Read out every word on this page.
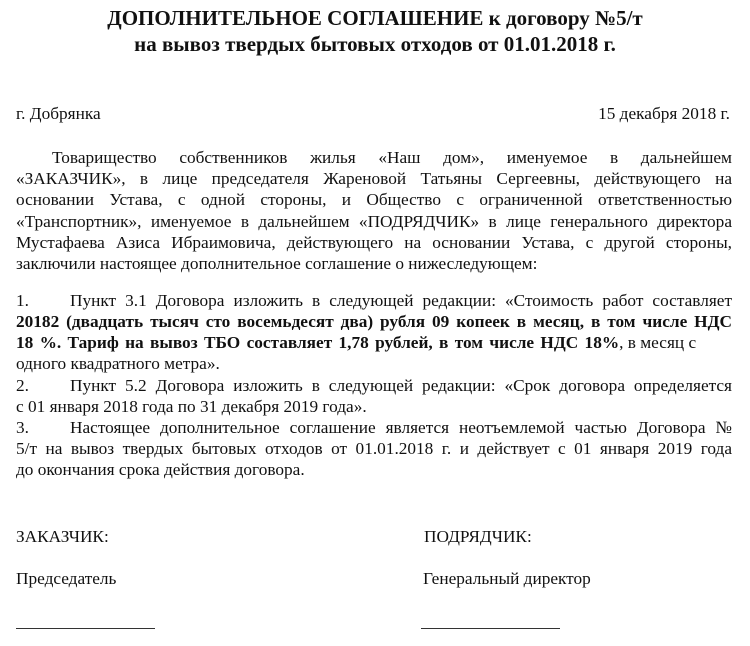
ДОПОЛНИТЕЛЬНОЕ СОГЛАШЕНИЕ к договору №5/т
на вывоз твердых бытовых отходов от 01.01.2018 г.
г. Добрянка	15 декабря 2018 г.
Товарищество собственников жилья «Наш дом», именуемое в дальнейшем
«ЗАКАЗЧИК», в лице председателя Жареновой Татьяны Сергеевны, действующего на
основании Устава, с одной стороны, и Общество с ограниченной ответственностью
«Транспортник», именуемое в дальнейшем «ПОДРЯДЧИК» в лице генерального директора
Мустафаева Азиса Ибраимовича, действующего на основании Устава, с другой стороны,
заключили настоящее дополнительное соглашение о нижеследующем:
1. Пункт 3.1 Договора изложить в следующей редакции: «Стоимость работ составляет
20182 (двадцать тысяч сто восемьдесят два) рубля 09 копеек в месяц, в том числе НДС
18 %. Тариф на вывоз ТБО составляет 1,78 рублей, в том числе НДС 18%, в месяц с
одного квадратного метра».
2. Пункт 5.2 Договора изложить в следующей редакции: «Срок договора определяется
с 01 января 2018 года по 31 декабря 2019 года».
3. Настоящее дополнительное соглашение является неотъемлемой частью Договора №
5/т на вывоз твердых бытовых отходов от 01.01.2018 г. и действует с 01 января 2019 года
до окончания срока действия договора.
ЗАКАЗЧИК:
Председатель
ПОДРЯДЧИК:
Генеральный директор
